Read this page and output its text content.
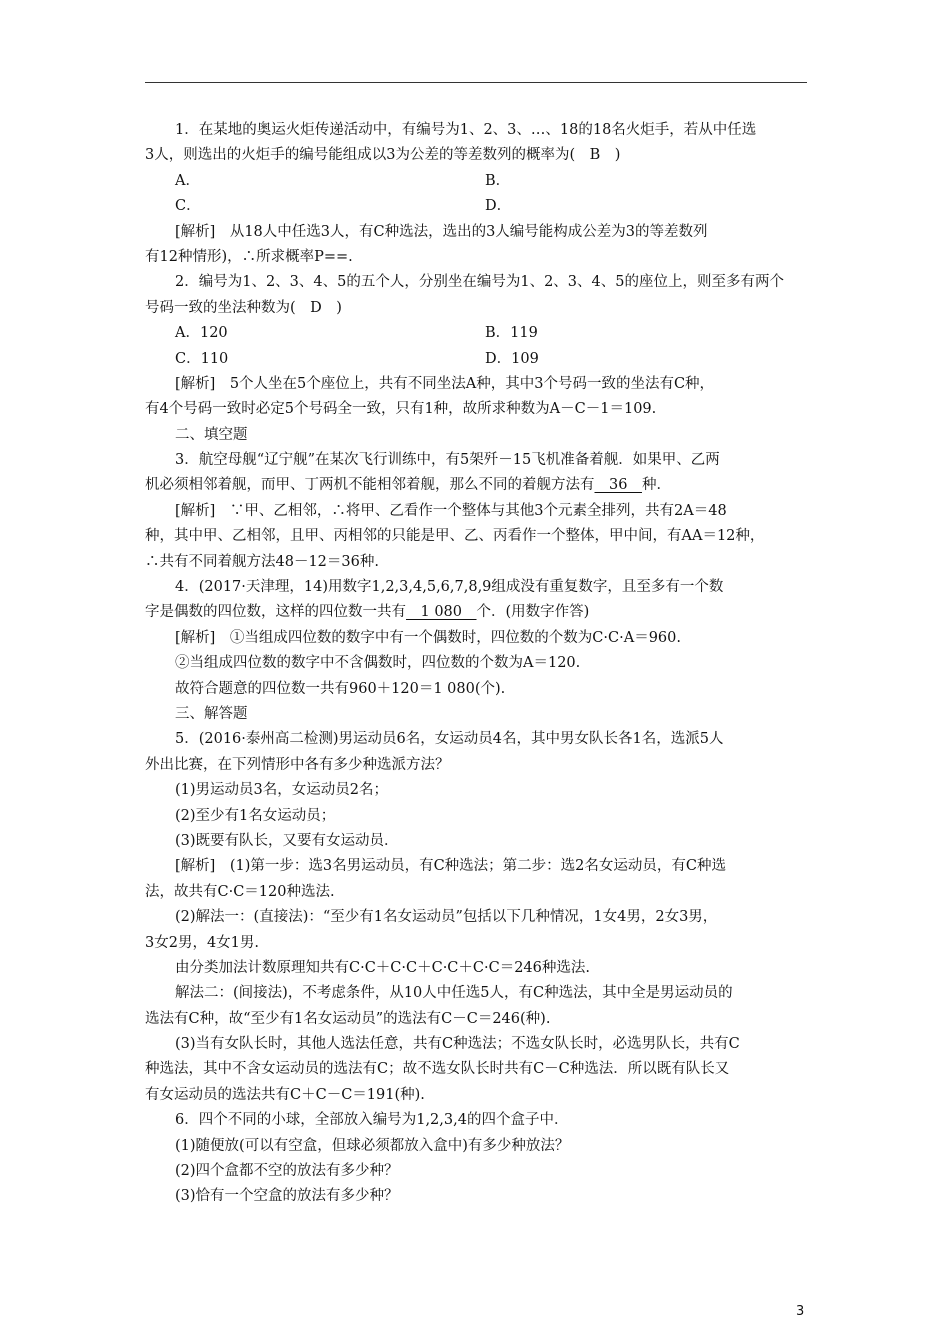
1．在某地的奥运火炬传递活动中，有编号为1、2、3、…、18的18名火炬手，若从中任选
3人，则选出的火炬手的编号能组成以3为公差的等差数列的概率为(　B　)
A．	B．
C．	D．
[解析]　从18人中任选3人，有C种选法，选出的3人编号能构成公差为3的等差数列
有12种情形)，∴所求概率P==.
2．编号为1、2、3、4、5的五个人，分别坐在编号为1、2、3、4、5的座位上，则至多有两个
号码一致的坐法种数为(　D　)
A．120	B．119
C．110	D．109
[解析]　5个人坐在5个座位上，共有不同坐法A种，其中3个号码一致的坐法有C种，
有4个号码一致时必定5个号码全一致，只有1种，故所求种数为A－C－1＝109.
二、填空题
3．航空母舰“辽宁舰”在某次飞行训练中，有5架歼－15飞机准备着舰．如果甲、乙两
机必须相邻着舰，而甲、丁两机不能相邻着舰，那么不同的着舰方法有__36__种．
[解析]　∵甲、乙相邻，∴将甲、乙看作一个整体与其他3个元素全排列，共有2A＝48
种，其中甲、乙相邻，且甲、丙相邻的只能是甲、乙、丙看作一个整体，甲中间，有AA＝12种，
∴共有不同着舰方法48－12＝36种.
4．(2017·天津理，14)用数字1,2,3,4,5,6,7,8,9组成没有重复数字，且至多有一个数
字是偶数的四位数，这样的四位数一共有__1 080__个．(用数字作答)
[解析]　①当组成四位数的数字中有一个偶数时，四位数的个数为C·C·A＝960.
②当组成四位数的数字中不含偶数时，四位数的个数为A＝120.
故符合题意的四位数一共有960＋120＝1 080(个).
三、解答题
5．(2016·泰州高二检测)男运动员6名，女运动员4名，其中男女队长各1名，选派5人
外出比赛，在下列情形中各有多少种选派方法？
(1)男运动员3名，女运动员2名；
(2)至少有1名女运动员；
(3)既要有队长，又要有女运动员．
[解析]　(1)第一步：选3名男运动员，有C种选法；第二步：选2名女运动员，有C种选
法，故共有C·C＝120种选法.
(2)解法一：(直接法)：“至少有1名女运动员”包括以下几种情况，1女4男，2女3男，
3女2男，4女1男.
由分类加法计数原理知共有C·C＋C·C＋C·C＋C·C＝246种选法.
解法二：(间接法)，不考虑条件，从10人中任选5人，有C种选法，其中全是男运动员的
选法有C种，故“至少有1名女运动员”的选法有C－C＝246(种).
(3)当有女队长时，其他人选法任意，共有C种选法；不选女队长时，必选男队长，共有C
种选法，其中不含女运动员的选法有C；故不选女队长时共有C－C种选法．所以既有队长又
有女运动员的选法共有C＋C－C＝191(种).
6．四个不同的小球，全部放入编号为1,2,3,4的四个盒子中．
(1)随便放(可以有空盒，但球必须都放入盒中)有多少种放法？
(2)四个盒都不空的放法有多少种？
(3)恰有一个空盒的放法有多少种？
3
